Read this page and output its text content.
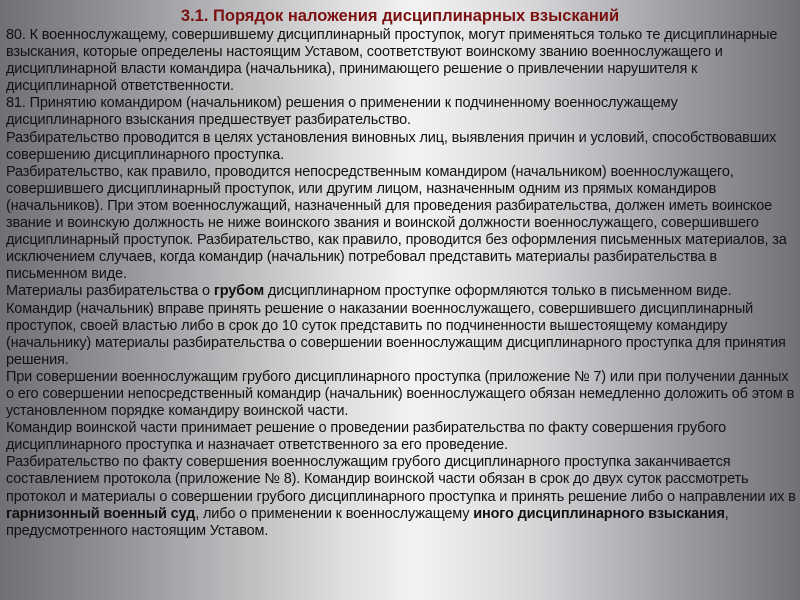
3.1. Порядок наложения дисциплинарных взысканий

80. К военнослужащему, совершившему дисциплинарный проступок, могут применяться только те дисциплинарные взыскания, которые определены настоящим Уставом, соответствуют воинскому званию военнослужащего и дисциплинарной власти командира (начальника), принимающего решение о привлечении нарушителя к дисциплинарной ответственности.

81. Принятию командиром (начальником) решения о применении к подчиненному военнослужащему дисциплинарного взыскания предшествует разбирательство.

Разбирательство проводится в целях установления виновных лиц, выявления причин и условий, способствовавших совершению дисциплинарного проступка.

Разбирательство, как правило, проводится непосредственным командиром (начальником) военнослужащего, совершившего дисциплинарный проступок, или другим лицом, назначенным одним из прямых командиров (начальников). При этом военнослужащий, назначенный для проведения разбирательства, должен иметь воинское звание и воинскую должность не ниже воинского звания и воинской должности военнослужащего, совершившего дисциплинарный проступок. Разбирательство, как правило, проводится без оформления письменных материалов, за исключением случаев, когда командир (начальник) потребовал представить материалы разбирательства в письменном виде.

Материалы разбирательства о грубом дисциплинарном проступке оформляются только в письменном виде. Командир (начальник) вправе принять решение о наказании военнослужащего, совершившего дисциплинарный проступок, своей властью либо в срок до 10 суток представить по подчиненности вышестоящему командиру (начальнику) материалы разбирательства о совершении военнослужащим дисциплинарного проступка для принятия решения.

При совершении военнослужащим грубого дисциплинарного проступка (приложение № 7) или при получении данных о его совершении непосредственный командир (начальник) военнослужащего обязан немедленно доложить об этом в установленном порядке командиру воинской части.

Командир воинской части принимает решение о проведении разбирательства по факту совершения грубого дисциплинарного проступка и назначает ответственного за его проведение.

Разбирательство по факту совершения военнослужащим грубого дисциплинарного проступка заканчивается составлением протокола (приложение № 8). Командир воинской части обязан в срок до двух суток рассмотреть протокол и материалы о совершении грубого дисциплинарного проступка и принять решение либо о направлении их в гарнизонный военный суд, либо о применении к военнослужащему иного дисциплинарного взыскания, предусмотренного настоящим Уставом.
